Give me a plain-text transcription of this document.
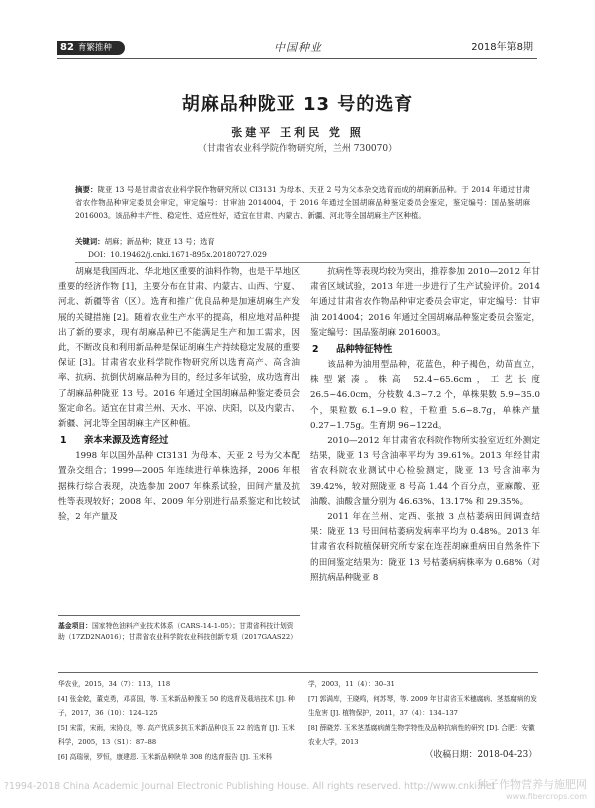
82 育繁推种	中国种业	2018年第8期
胡麻品种陇亚 13 号的选育
张建平 王利民 党 照
（甘肃省农业科学院作物研究所，兰州 730070）
摘要：陇亚 13 号是甘肃省农业科学院作物研究所以 CI3131 为母本、天亚 2 号为父本杂交选育而成的胡麻新品种。于 2014 年通过甘肃省农作物品种审定委员会审定，审定编号：甘审油 2014004，于 2016 年通过全国胡麻品种鉴定委员会鉴定，鉴定编号：国品鉴胡麻 2016003。该品种丰产性、稳定性、适应性好，适宜在甘肃、内蒙古、新疆、河北等全国胡麻主产区种植。
关键词：胡麻；新品种；陇亚 13 号；选育
DOI：10.19462/j.cnki.1671-895x.20180727.029

胡麻是我国西北、华北地区重要的油料作物，也是干旱地区重要的经济作物 [1]，主要分布在甘肃、内蒙古、山西、宁夏、河北、新疆等省（区）。选育和推广优良品种是加速胡麻生产发展的关键措施 [2]。随着农业生产水平的提高，相应地对品种提出了新的要求，现有胡麻品种已不能满足生产和加工需求，因此，不断改良和利用新品种是保证胡麻生产持续稳定发展的重要保证 [3]。甘肃省农业科学院作物研究所以选育高产、高含油率、抗病、抗倒伏胡麻品种为目的，经过多年试验，成功选育出了胡麻品种陇亚 13 号。2016 年通过全国胡麻品种鉴定委员会鉴定命名。适宜在甘肃兰州、天水、平凉、庆阳，以及内蒙古、新疆、河北等全国胡麻主产区种植。

1 亲本来源及选育经过

1998 年以国外品种 CI3131 为母本、天亚 2 号为父本配置杂交组合；1999—2005 年连续进行单株选择，2006 年根据株行综合表现，决选参加 2007 年株系试验，田间产量及抗性等表现较好；2008 年、2009 年分别进行品系鉴定和比较试验，2 年产量及

抗病性等表现均较为突出，推荐参加 2010—2012 年甘肃省区域试验，2013 年进一步进行了生产试验评价。2014 年通过甘肃省农作物品种审定委员会审定，审定编号：甘审油 2014004；2016 年通过全国胡麻品种鉴定委员会鉴定，鉴定编号：国品鉴胡麻 2016003。

2 品种特征特性

该品种为油用型品种，花蓝色，种子褐色，幼苗直立，株型紧凑。株高 52.4~65.6cm，工艺长度 26.5~46.0cm，分枝数 4.3~7.2 个，单株果数 5.9~35.0 个，果粒数 6.1~9.0 粒，千粒重 5.6~8.7g，单株产量 0.27~1.75g。生育期 96~122d。

2010—2012 年甘肃省农科院作物所实验室近红外测定结果，陇亚 13 号含油率平均为 39.61%。2013 年经甘肃省农科院农业测试中心检验测定，陇亚 13 号含油率为 39.42%，较对照陇亚 8 号高 1.44 个百分点，亚麻酸、亚油酸、油酸含量分别为 46.63%、13.17% 和 29.35%。

2011 年在兰州、定西、张掖 3 点枯萎病田间调查结果：陇亚 13 号田间枯萎病发病率平均为 0.48%。2013 年甘肃省农科院植保研究所专家在连茬胡麻重病田自然条件下的田间鉴定结果为：陇亚 13 号枯萎病病株率为 0.68%（对照抗病品种陇亚 8

基金项目：国家特色油料产业技术体系（CARS-14-1-05）；甘肃省科技计划资助（17ZD2NA016）；甘肃省农业科学院农业科技创新专项（2017GAAS22）
华农业，2015，34（7）：113，118
[4] 张金乾，董克勇，邓喜国，等. 玉米新品种豫玉 50 的选育及栽培技术 [J]. 种子，2017，36（10）：124–125
[5] 宋雷，宋雨，宋协良，等. 高产优质多抗玉米新品种良玉 22 的选育 [J]. 玉米科学，2005，13（S1）：87–88
[6] 高瑞景，罗恒，康建恩. 玉米新品种陕单 308 的选育报告 [J]. 玉米科
学，2003，11（4）：30–31
[7] 郭满库，王晓鸣，何苏琴，等. 2009 年甘肃省玉米穗腐病、茎基腐病的发生危害 [J]. 植物保护，2011，37（4）：134–137
[8] 薛晓芳. 玉米茎基腐病菌生物学特性及品种抗病性的研究 [D]. 合肥：安徽农业大学，2013
（收稿日期：2018-04-23）
?1994-2018 China Academic Journal Electronic Publishing House. All rights reserved. http://www.cnki.net
种子作物营养与施肥网
www.fibercrops.com
